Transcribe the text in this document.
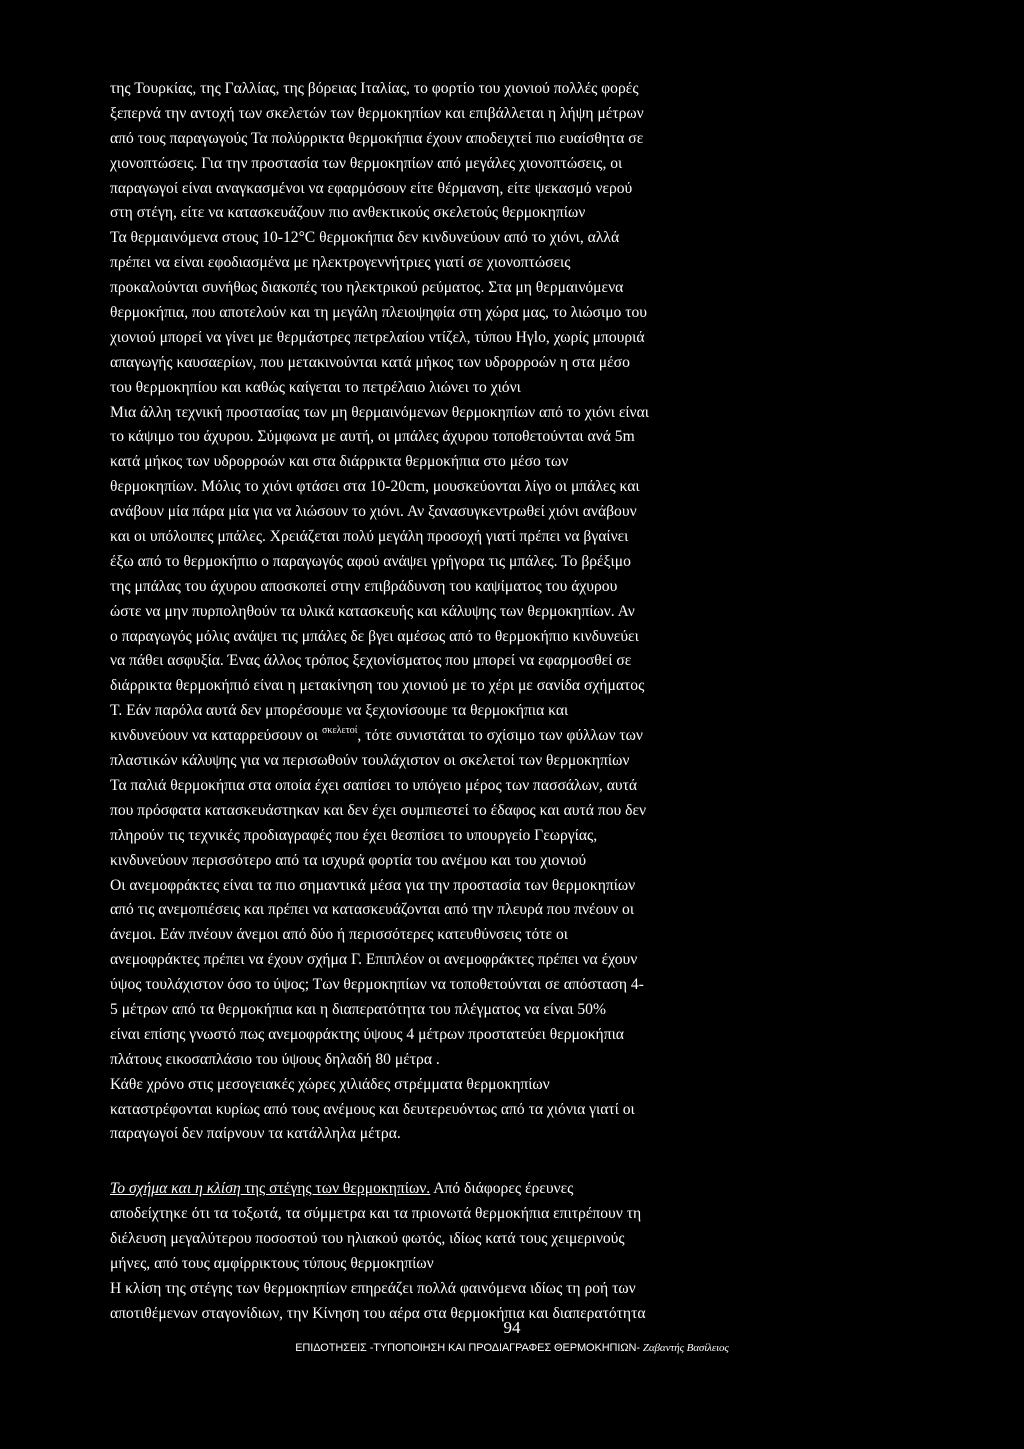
της Τουρκίας, της Γαλλίας, της βόρειας Ιταλίας, το φορτίο του χιονιού πολλές φορές
ξεπερνά την αντοχή των σκελετών των θερμοκηπίων και επιβάλλεται η λήψη μέτρων
από τους παραγωγούς Τα πολύρρικτα θερμοκήπια έχουν αποδειχτεί πιο ευαίσθητα σε
χιονοπτώσεις. Για την προστασία των θερμοκηπίων από μεγάλες χιονοπτώσεις, οι
παραγωγοί είναι αναγκασμένοι να εφαρμόσουν είτε θέρμανση, είτε ψεκασμό νερού
στη στέγη, είτε να κατασκευάζουν πιο ανθεκτικούς σκελετούς θερμοκηπίων
Τα θερμαινόμενα στους 10-12°C θερμοκήπια δεν κινδυνεύουν από το χιόνι, αλλά
πρέπει να είναι εφοδιασμένα με ηλεκτρογεννήτριες γιατί σε χιονοπτώσεις
προκαλούνται συνήθως διακοπές του ηλεκτρικού ρεύματος. Στα μη θερμαινόμενα
θερμοκήπια, που αποτελούν και τη μεγάλη πλειοψηφία στη χώρα μας, το λιώσιμο του
χιονιού μπορεί να γίνει με θερμάστρες πετρελαίου ντίζελ, τύπου Ηγlo, χωρίς μπουριά
απαγωγής καυσαερίων, που μετακινούνται κατά μήκος των υδρορροών η στα μέσο
του θερμοκηπίου και καθώς καίγεται το πετρέλαιο λιώνει το χιόνι
Μια άλλη τεχνική προστασίας των μη θερμαινόμενων θερμοκηπίων από το χιόνι είναι
το κάψιμο του άχυρου. Σύμφωνα με αυτή, οι μπάλες άχυρου τοποθετούνται ανά 5m
κατά μήκος των υδρορροών και στα διάρρικτα θερμοκήπια στο μέσο των
θερμοκηπίων. Μόλις το χιόνι φτάσει στα 10-20cm, μουσκεύονται λίγο οι μπάλες και
ανάβουν μία πάρα μία για να λιώσουν το χιόνι. Αν ξανασυγκεντρωθεί χιόνι ανάβουν
και οι υπόλοιπες μπάλες. Χρειάζεται πολύ μεγάλη προσοχή γιατί πρέπει να βγαίνει
έξω από το θερμοκήπιο ο παραγωγός αφού ανάψει γρήγορα τις μπάλες. Το βρέξιμο
της μπάλας του άχυρου αποσκοπεί στην επιβράδυνση του καψίματος του άχυρου
ώστε να μην πυρποληθούν τα υλικά κατασκευής και κάλυψης των θερμοκηπίων. Αν
ο παραγωγός μόλις ανάψει τις μπάλες δε βγει αμέσως από το θερμοκήπιο κινδυνεύει
να πάθει ασφυξία. Ένας άλλος τρόπος ξεχιονίσματος που μπορεί να εφαρμοσθεί σε
διάρρικτα θερμοκήπιό είναι η μετακίνηση του χιονιού με το χέρι με σανίδα σχήματος
Τ. Εάν παρόλα αυτά δεν μπορέσουμε να ξεχιονίσουμε τα θερμοκήπια και
κινδυνεύουν να καταρρεύσουν οι $^{\sigma\kappa\varepsilon\lambda\varepsilon\tau oί}$, τότε συνιστάται το σχίσιμο των φύλλων των
πλαστικών κάλυψης για να περισωθούν τουλάχιστον οι σκελετοί των θερμοκηπίων
Τα παλιά θερμοκήπια στα οποία έχει σαπίσει το υπόγειο μέρος των πασσάλων, αυτά
που πρόσφατα κατασκευάστηκαν και δεν έχει συμπιεστεί το έδαφος και αυτά που δεν
πληρούν τις τεχνικές προδιαγραφές που έχει θεσπίσει το υπουργείο Γεωργίας,
κινδυνεύουν περισσότερο από τα ισχυρά φορτία του ανέμου και του χιονιού
Οι ανεμοφράκτες είναι τα πιο σημαντικά μέσα για την προστασία των θερμοκηπίων
από τις ανεμοπιέσεις και πρέπει να κατασκευάζονται από την πλευρά που πνέουν οι
άνεμοι. Εάν πνέουν άνεμοι από δύο ή περισσότερες κατευθύνσεις τότε οι
ανεμοφράκτες πρέπει να έχουν σχήμα Γ. Επιπλέον οι ανεμοφράκτες πρέπει να έχουν
ύψος τουλάχιστον όσο το ύψος; Των θερμοκηπίων να τοποθετούνται σε απόσταση 4-
5 μέτρων από τα θερμοκήπια και η διαπερατότητα του πλέγματος να είναι 50%
είναι επίσης γνωστό πως ανεμοφράκτης ύψους 4 μέτρων προστατεύει θερμοκήπια
πλάτους εικοσαπλάσιο του ύψους δηλαδή 80 μέτρα .
Κάθε χρόνο στις μεσογειακές χώρες χιλιάδες στρέμματα θερμοκηπίων
καταστρέφονται κυρίως από τους ανέμους και δευτερευόντως από τα χιόνια γιατί οι
παραγωγοί δεν παίρνουν τα κατάλληλα μέτρα.
Το σχήμα και η κλίση της στέγης των θερμοκηπίων. Από διάφορες έρευνες
αποδείχτηκε ότι τα τοξωτά, τα σύμμετρα και τα πριονωτά θερμοκήπια επιτρέπουν τη
διέλευση μεγαλύτερου ποσοστού του ηλιακού φωτός, ιδίως κατά τους χειμερινούς
μήνες, από τους αμφίρρικτους τύπους θερμοκηπίων
Η κλίση της στέγης των θερμοκηπίων επηρεάζει πολλά φαινόμενα ιδίως τη ροή των
αποτιθέμενων σταγονίδιων, την Κίνηση του αέρα στα θερμοκήπια και διαπερατότητα
94
ΕΠΙΔΟΤΗΣΕΙΣ -ΤΥΠΟΠΟΙΗΣΗ ΚΑΙ ΠΡΟΔΙΑΓΡΑΦΕΣ ΘΕΡΜΟΚΗΠΙΩΝ- Ζαβαντής Βασίλειος
